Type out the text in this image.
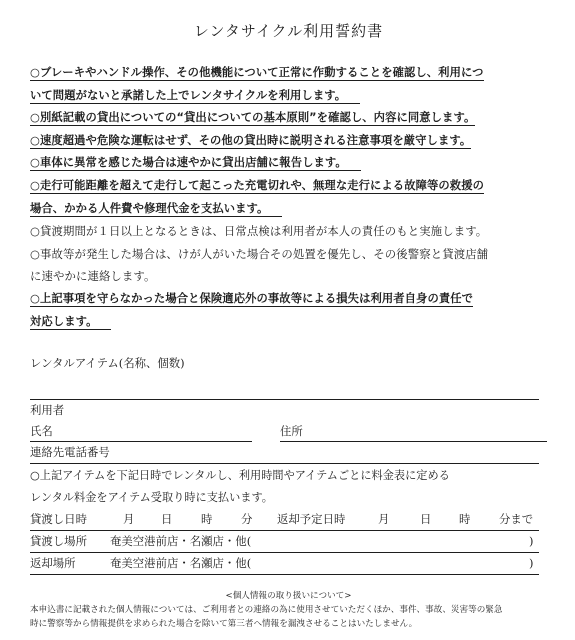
レンタサイクル利用誓約書
○ブレーキやハンドル操作、その他機能について正常に作動することを確認し、利用につ
いて問題がないと承諾した上でレンタサイクルを利用します。
○別紙記載の貸出についての“貸出についての基本原則”を確認し、内容に同意します。
○速度超過や危険な運転はせず、その他の貸出時に説明される注意事項を厳守します。
○車体に異常を感じた場合は速やかに貸出店舗に報告します。
○走行可能距離を超えて走行して起こった充電切れや、無理な走行による故障等の救援の
場合、かかる人件費や修理代金を支払います。
○貸渡期間が１日以上となるときは、日常点検は利用者が本人の責任のもと実施します。
○事故等が発生した場合は、けが人がいた場合その処置を優先し、その後警察と貸渡店舗
に速やかに連絡します。
○上記事項を守らなかった場合と保険適応外の事故等による損失は利用者自身の責任で
対応します。
レンタルアイテム(名称、個数)
利用者
氏名	住所
連絡先電話番号
○上記アイテムを下記日時でレンタルし、利用時間やアイテムごとに料金表に定める
レンタル料金をアイテム受取り時に支払います。
貸渡し日時	月	日	時	分	返却予定日時	月	日	時	分まで
貸渡し場所	奄美空港前店・名瀬店・他(	)
返却場所	奄美空港前店・名瀬店・他(	)
<個人情報の取り扱いについて>
本申込書に記載された個人情報については、ご利用者との連絡の為に使用させていただくほか、事件、事故、災害等の緊急
時に警察等から情報提供を求められた場合を除いて第三者へ情報を漏洩させることはいたしません。
